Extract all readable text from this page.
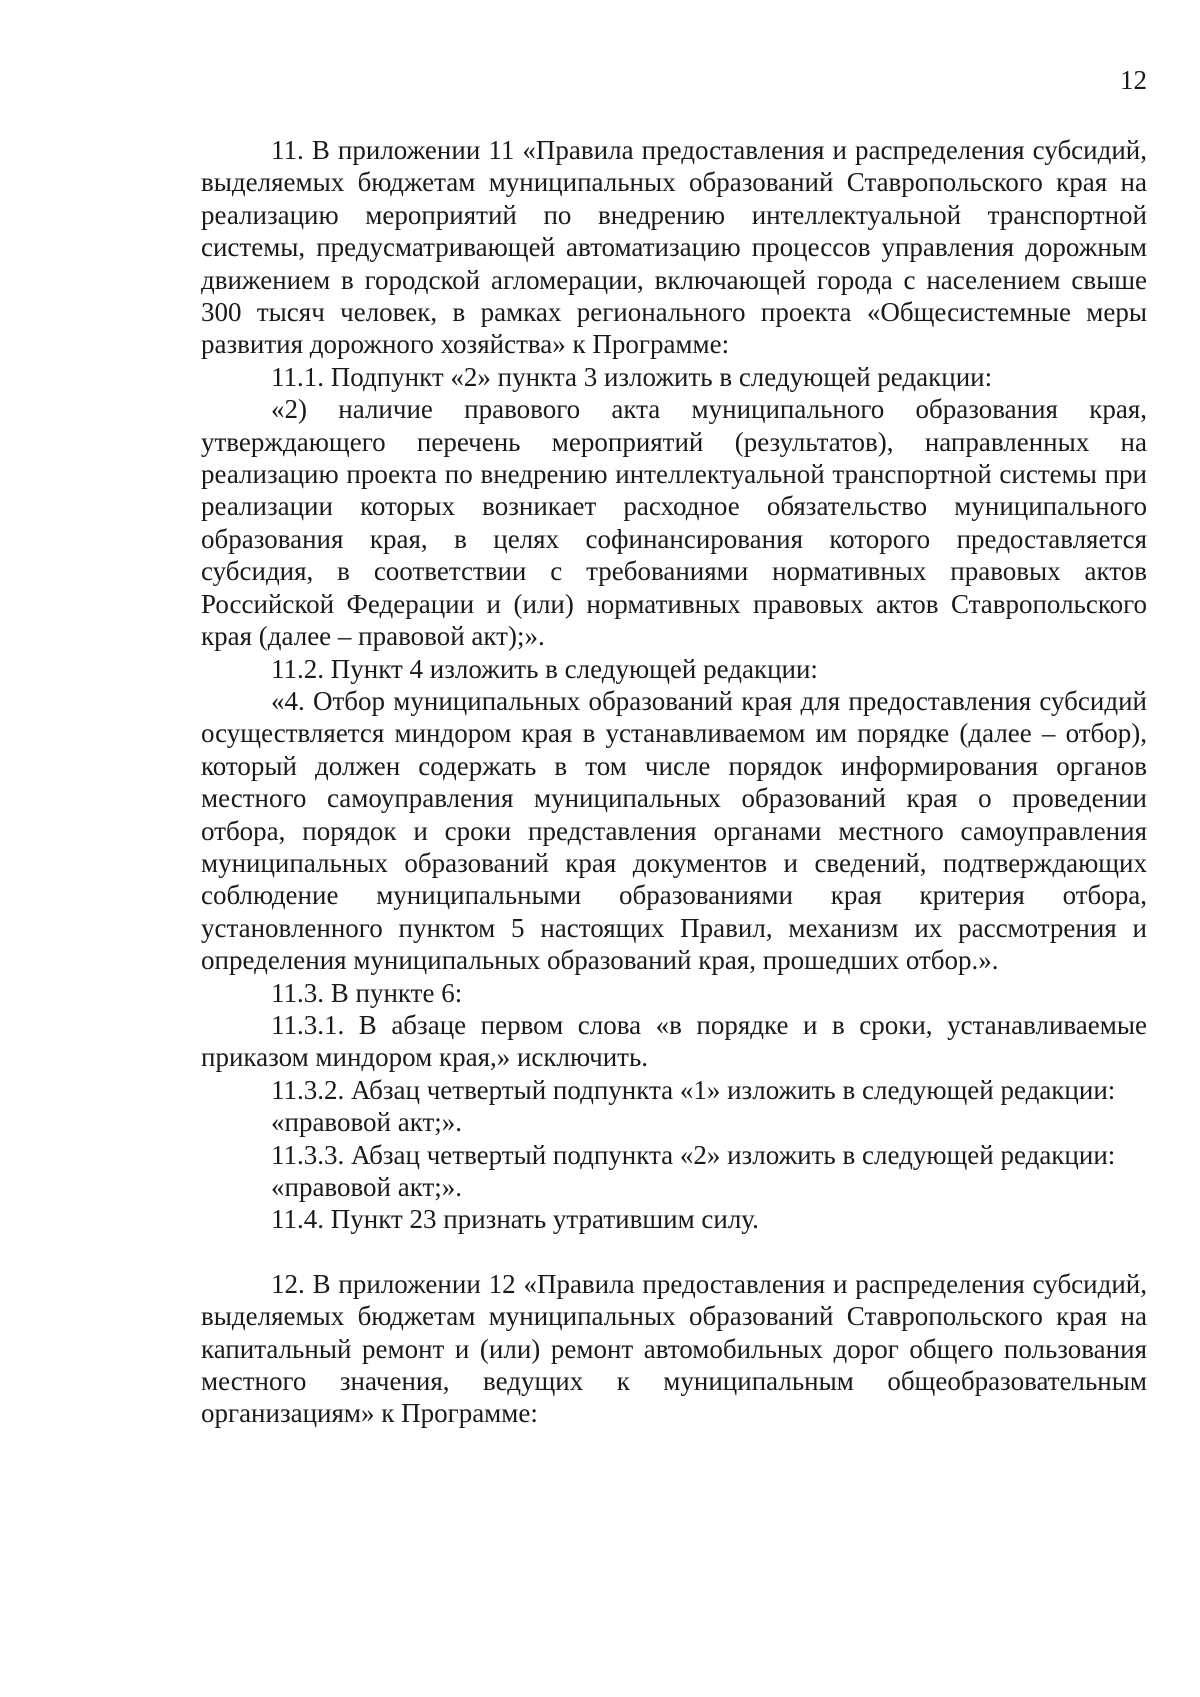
12

11. В приложении 11 «Правила предоставления и распределения субсидий, выделяемых бюджетам муниципальных образований Ставропольского края на реализацию мероприятий по внедрению интеллектуальной транспортной системы, предусматривающей автоматизацию процессов управления дорожным движением в городской агломерации, включающей города с населением свыше 300 тысяч человек, в рамках регионального проекта «Общесистемные меры развития дорожного хозяйства» к Программе:

11.1. Подпункт «2» пункта 3 изложить в следующей редакции:

«2) наличие правового акта муниципального образования края, утверждающего перечень мероприятий (результатов), направленных на реализацию проекта по внедрению интеллектуальной транспортной системы при реализации которых возникает расходное обязательство муниципального образования края, в целях софинансирования которого предоставляется субсидия, в соответствии с требованиями нормативных правовых актов Российской Федерации и (или) нормативных правовых актов Ставропольского края (далее – правовой акт);».

11.2. Пункт 4 изложить в следующей редакции:

«4. Отбор муниципальных образований края для предоставления субсидий осуществляется миндором края в устанавливаемом им порядке (далее – отбор), который должен содержать в том числе порядок информирования органов местного самоуправления муниципальных образований края о проведении отбора, порядок и сроки представления органами местного самоуправления муниципальных образований края документов и сведений, подтверждающих соблюдение муниципальными образованиями края критерия отбора, установленного пунктом 5 настоящих Правил, механизм их рассмотрения и определения муниципальных образований края, прошедших отбор.».

11.3. В пункте 6:

11.3.1. В абзаце первом слова «в порядке и в сроки, устанавливаемые приказом миндором края,» исключить.

11.3.2. Абзац четвертый подпункта «1» изложить в следующей редакции:

«правовой акт;».

11.3.3. Абзац четвертый подпункта «2» изложить в следующей редакции:

«правовой акт;».

11.4. Пункт 23 признать утратившим силу.

12. В приложении 12 «Правила предоставления и распределения субсидий, выделяемых бюджетам муниципальных образований Ставропольского края на капитальный ремонт и (или) ремонт автомобильных дорог общего пользования местного значения, ведущих к муниципальным общеобразовательным организациям» к Программе:
